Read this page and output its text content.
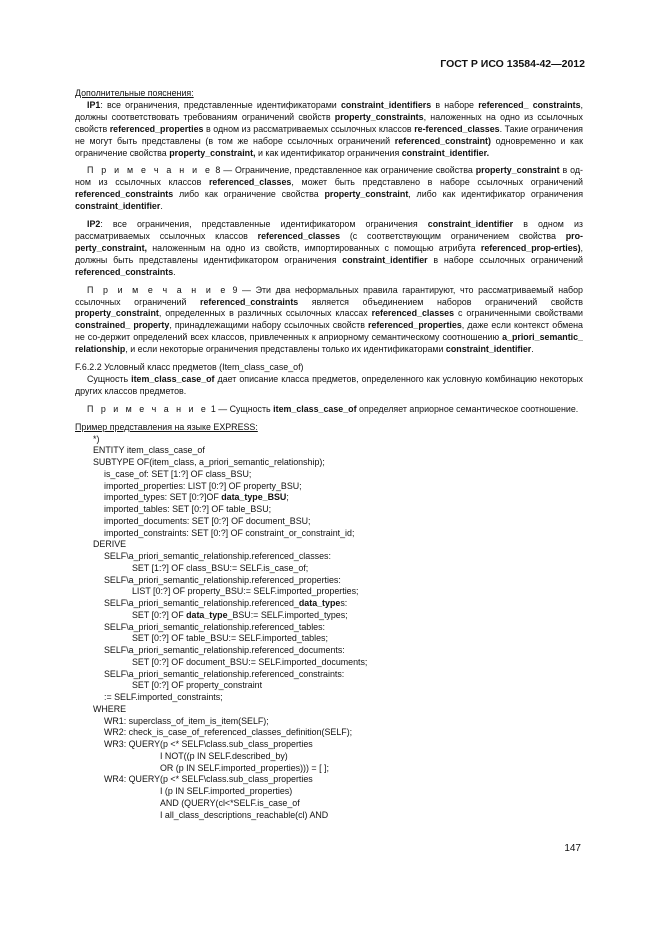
ГОСТ Р ИСО 13584-42—2012
Дополнительные пояснения:
IP1: все ограничения, представленные идентификаторами constraint_identifiers в наборе referenced_ constraints, должны соответствовать требованиям ограничений свойств property_constraints, наложенных на одно из ссылочных свойств referenced_properties в одном из рассматриваемых ссылочных классов re-ferenced_classes. Такие ограничения не могут быть представлены (в том же наборе ссылочных ограничений referenced_constraint) одновременно и как ограничение свойства property_constraint, и как идентификатор ограничения constraint_identifier.
П р и м е ч а н и е 8 — Ограничение, представленное как ограничение свойства property_constraint в од-ном из ссылочных классов referenced_classes, может быть представлено в наборе ссылочных ограничений referenced_constraints либо как ограничение свойства property_constraint, либо как идентификатор ограничения constraint_identifier.
IP2: все ограничения, представленные идентификатором ограничения constraint_identifier в одном из рассматриваемых ссылочных классов referenced_classes (с соответствующим ограничением свойства pro-perty_constraint, наложенным на одно из свойств, импортированных с помощью атрибута referenced_prop-erties), должны быть представлены идентификатором ограничения constraint_identifier в наборе ссылочных ограничений referenced_constraints.
П р и м е ч а н и е 9 — Эти два неформальных правила гарантируют, что рассматриваемый набор ссылочных ограничений referenced_constraints является объединением наборов ограничений свойств property_constraint, определенных в различных ссылочных классах referenced_classes с ограниченными свойствами constrained_ property, принадлежащими набору ссылочных свойств referenced_properties, даже если контекст обмена не со-держит определений всех классов, привлеченных к априорному семантическому соотношению a_priori_semantic_ relationship, и если некоторые ограничения представлены только их идентификаторами constraint_identifier.
F.6.2.2 Условный класс предметов (Item_class_case_of)
Сущность item_class_case_of дает описание класса предметов, определенного как условную комбинацию некоторых других классов предметов.
П р и м е ч а н и е 1 — Сущность item_class_case_of определяет априорное семантическое соотношение.
Пример представления на языке EXPRESS:
*)
ENTITY item_class_case_of
SUBTYPE OF(item_class, a_priori_semantic_relationship);
is_case_of: SET [1:?] OF class_BSU;
imported_properties: LIST [0:?] OF property_BSU;
imported_types: SET [0:?]OF data_type_BSU;
imported_tables: SET [0:?] OF table_BSU;
imported_documents: SET [0:?] OF document_BSU;
imported_constraints: SET [0:?] OF constraint_or_constraint_id;
DERIVE
SELF\a_priori_semantic_relationship.referenced_classes:
SET [1:?] OF class_BSU:= SELF.is_case_of;
SELF\a_priori_semantic_relationship.referenced_properties:
LIST [0:?] OF property_BSU:= SELF.imported_properties;
SELF\a_priori_semantic_relationship.referenced_data_types:
SET [0:?] OF data_type_BSU:= SELF.imported_types;
SELF\a_priori_semantic_relationship.referenced_tables:
SET [0:?] OF table_BSU:= SELF.imported_tables;
SELF\a_priori_semantic_relationship.referenced_documents:
SET [0:?] OF document_BSU:= SELF.imported_documents;
SELF\a_priori_semantic_relationship.referenced_constraints:
SET [0:?] OF property_constraint
:= SELF.imported_constraints;
WHERE
WR1: superclass_of_item_is_item(SELF);
WR2: check_is_case_of_referenced_classes_definition(SELF);
WR3: QUERY(p <* SELF\class.sub_class_properties
I NOT((p IN SELF.described_by)
OR (p IN SELF.imported_properties))) = [ ];
WR4: QUERY(p <* SELF\class.sub_class_properties
I (p IN SELF.imported_properties)
AND (QUERY(cl<*SELF.is_case_of
I all_class_descriptions_reachable(cl) AND
147
